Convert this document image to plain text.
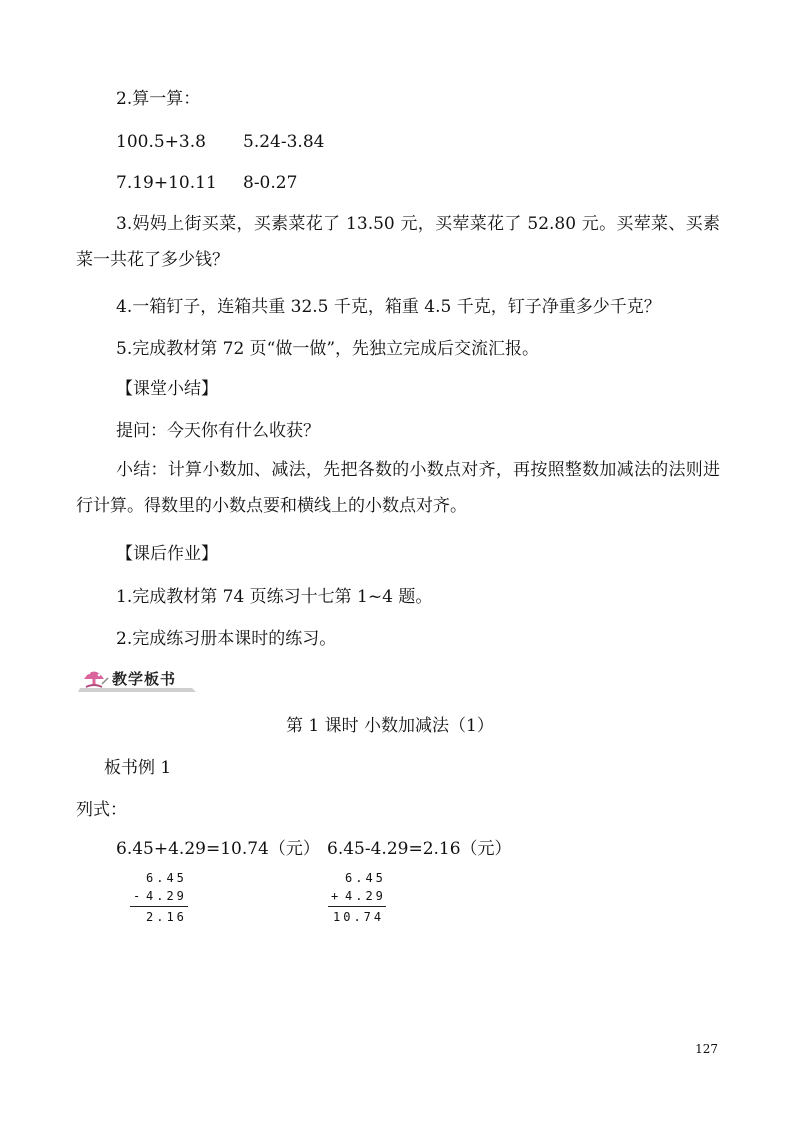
2.算一算：
100.5+3.8 5.24-3.84
7.19+10.11 8-0.27
3.妈妈上街买菜，买素菜花了 13.50 元，买荤菜花了 52.80 元。买荤菜、买素菜一共花了多少钱？
4.一箱钉子，连箱共重 32.5 千克，箱重 4.5 千克，钉子净重多少千克？
5.完成教材第 72 页“做一做”，先独立完成后交流汇报。
【课堂小结】
提问：今天你有什么收获？
小结：计算小数加、减法，先把各数的小数点对齐，再按照整数加减法的法则进行计算。得数里的小数点要和横线上的小数点对齐。
【课后作业】
1.完成教材第 74 页练习十七第 1~4 题。
2.完成练习册本课时的练习。
教学板书
第 1 课时 小数加减法（1）
板书例 1
列式：
6.45+4.29=10.74（元） 6.45-4.29=2.16（元）
6.45
- 4.29
2.16
6.45
+ 4.29
10.74
127
